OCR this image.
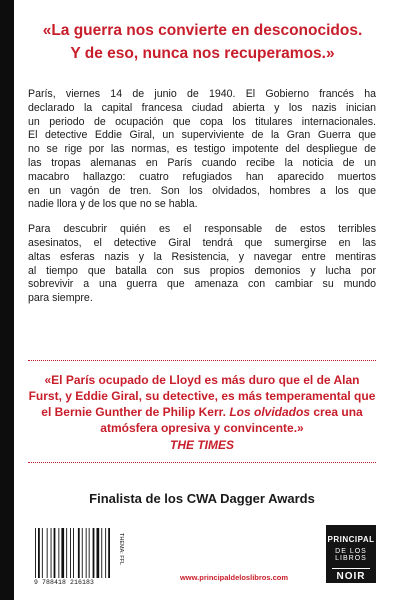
«La guerra nos convierte en desconocidos.
Y de eso, nunca nos recuperamos.»

París, viernes 14 de junio de 1940. El Gobierno francés ha
declarado la capital francesa ciudad abierta y los nazis inician
un periodo de ocupación que copa los titulares internacionales.
El detective Eddie Giral, un superviviente de la Gran Guerra que
no se rige por las normas, es testigo impotente del despliegue de
las tropas alemanas en París cuando recibe la noticia de un
macabro hallazgo: cuatro refugiados han aparecido muertos
en un vagón de tren. Son los olvidados, hombres a los que
nadie llora y de los que no se habla.

Para descubrir quién es el responsable de estos terribles
asesinatos, el detective Giral tendrá que sumergirse en las
altas esferas nazis y la Resistencia, y navegar entre mentiras
al tiempo que batalla con sus propios demonios y lucha por
sobrevivir a una guerra que amenaza con cambiar su mundo
para siempre.

«El París ocupado de Lloyd es más duro que el de Alan Furst, y Eddie Giral, su detective, es más temperamental que el Bernie Gunther de Philip Kerr. Los olvidados crea una atmósfera opresiva y convincente.»
THE TIMES
Finalista de los CWA Dagger Awards
9 788418 216183
THEMA: FFL
www.principaldeloslibros.com
PRINCIPAL
DE LOS LIBROS
NOIR
